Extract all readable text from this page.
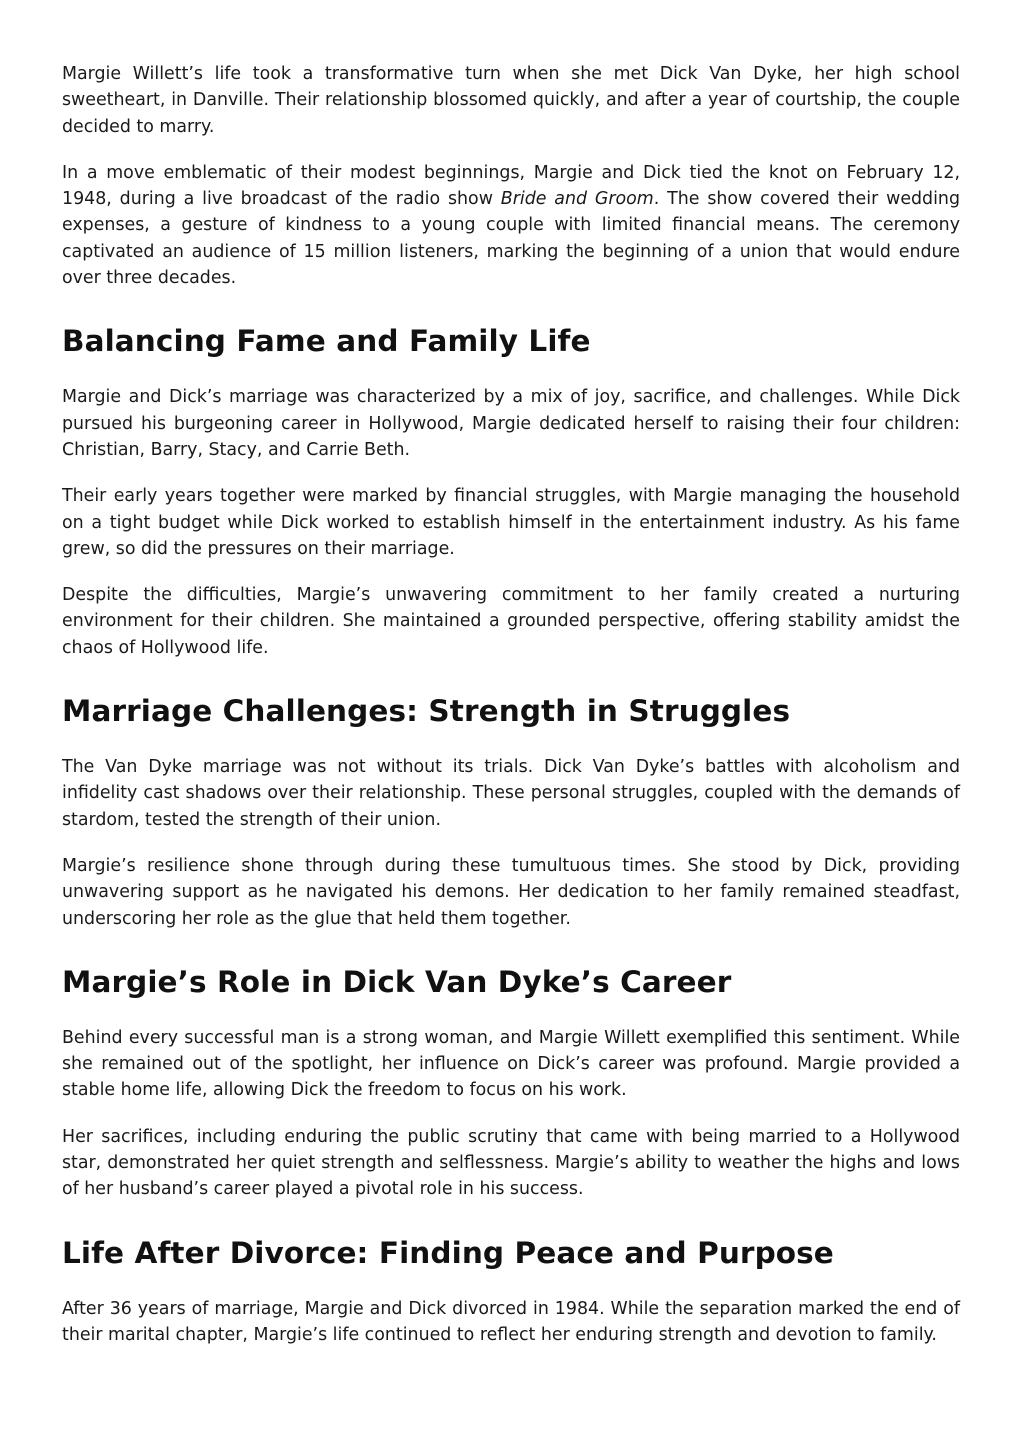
Margie Willett’s life took a transformative turn when she met Dick Van Dyke, her high school sweetheart, in Danville. Their relationship blossomed quickly, and after a year of courtship, the couple decided to marry.

In a move emblematic of their modest beginnings, Margie and Dick tied the knot on February 12, 1948, during a live broadcast of the radio show Bride and Groom. The show covered their wedding expenses, a gesture of kindness to a young couple with limited financial means. The ceremony captivated an audience of 15 million listeners, marking the beginning of a union that would endure over three decades.

Balancing Fame and Family Life

Margie and Dick’s marriage was characterized by a mix of joy, sacrifice, and challenges. While Dick pursued his burgeoning career in Hollywood, Margie dedicated herself to raising their four children: Christian, Barry, Stacy, and Carrie Beth.

Their early years together were marked by financial struggles, with Margie managing the household on a tight budget while Dick worked to establish himself in the entertainment industry. As his fame grew, so did the pressures on their marriage.

Despite the difficulties, Margie’s unwavering commitment to her family created a nurturing environment for their children. She maintained a grounded perspective, offering stability amidst the chaos of Hollywood life.

Marriage Challenges: Strength in Struggles

The Van Dyke marriage was not without its trials. Dick Van Dyke’s battles with alcoholism and infidelity cast shadows over their relationship. These personal struggles, coupled with the demands of stardom, tested the strength of their union.

Margie’s resilience shone through during these tumultuous times. She stood by Dick, providing unwavering support as he navigated his demons. Her dedication to her family remained steadfast, underscoring her role as the glue that held them together.

Margie’s Role in Dick Van Dyke’s Career

Behind every successful man is a strong woman, and Margie Willett exemplified this sentiment. While she remained out of the spotlight, her influence on Dick’s career was profound. Margie provided a stable home life, allowing Dick the freedom to focus on his work.

Her sacrifices, including enduring the public scrutiny that came with being married to a Hollywood star, demonstrated her quiet strength and selflessness. Margie’s ability to weather the highs and lows of her husband’s career played a pivotal role in his success.

Life After Divorce: Finding Peace and Purpose

After 36 years of marriage, Margie and Dick divorced in 1984. While the separation marked the end of their marital chapter, Margie’s life continued to reflect her enduring strength and devotion to family.
